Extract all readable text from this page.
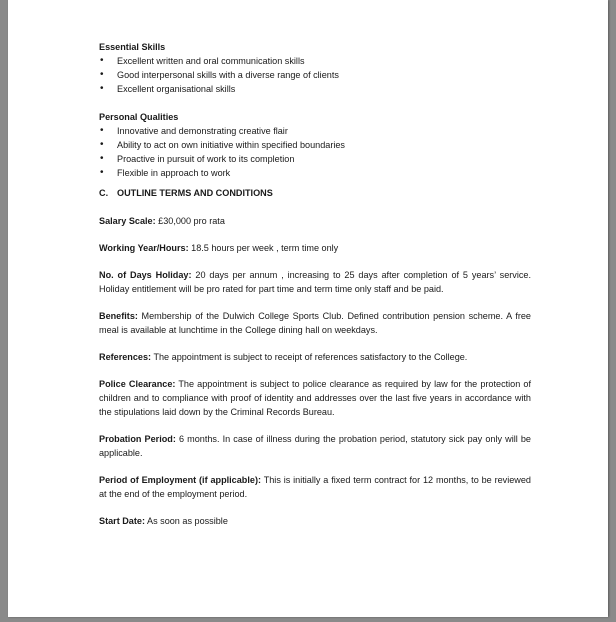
Essential Skills
• Excellent written and oral communication skills
• Good interpersonal skills with a diverse range of clients
• Excellent organisational skills
Personal Qualities
• Innovative and demonstrating creative flair
• Ability to act on own initiative within specified boundaries
• Proactive in pursuit of work to its completion
• Flexible in approach to work
C. OUTLINE TERMS AND CONDITIONS

Salary Scale: £30,000 pro rata

Working Year/Hours: 18.5 hours per week , term time only

No. of Days Holiday: 20 days per annum , increasing to 25 days after completion of 5 years’ service. Holiday entitlement will be pro rated for part time and term time only staff and be paid.

Benefits: Membership of the Dulwich College Sports Club. Defined contribution pension scheme. A free meal is available at lunchtime in the College dining hall on weekdays.

References: The appointment is subject to receipt of references satisfactory to the College.

Police Clearance: The appointment is subject to police clearance as required by law for the protection of children and to compliance with proof of identity and addresses over the last five years in accordance with the stipulations laid down by the Criminal Records Bureau.

Probation Period: 6 months. In case of illness during the probation period, statutory sick pay only will be applicable.

Period of Employment (if applicable): This is initially a fixed term contract for 12 months, to be reviewed at the end of the employment period.

Start Date: As soon as possible
